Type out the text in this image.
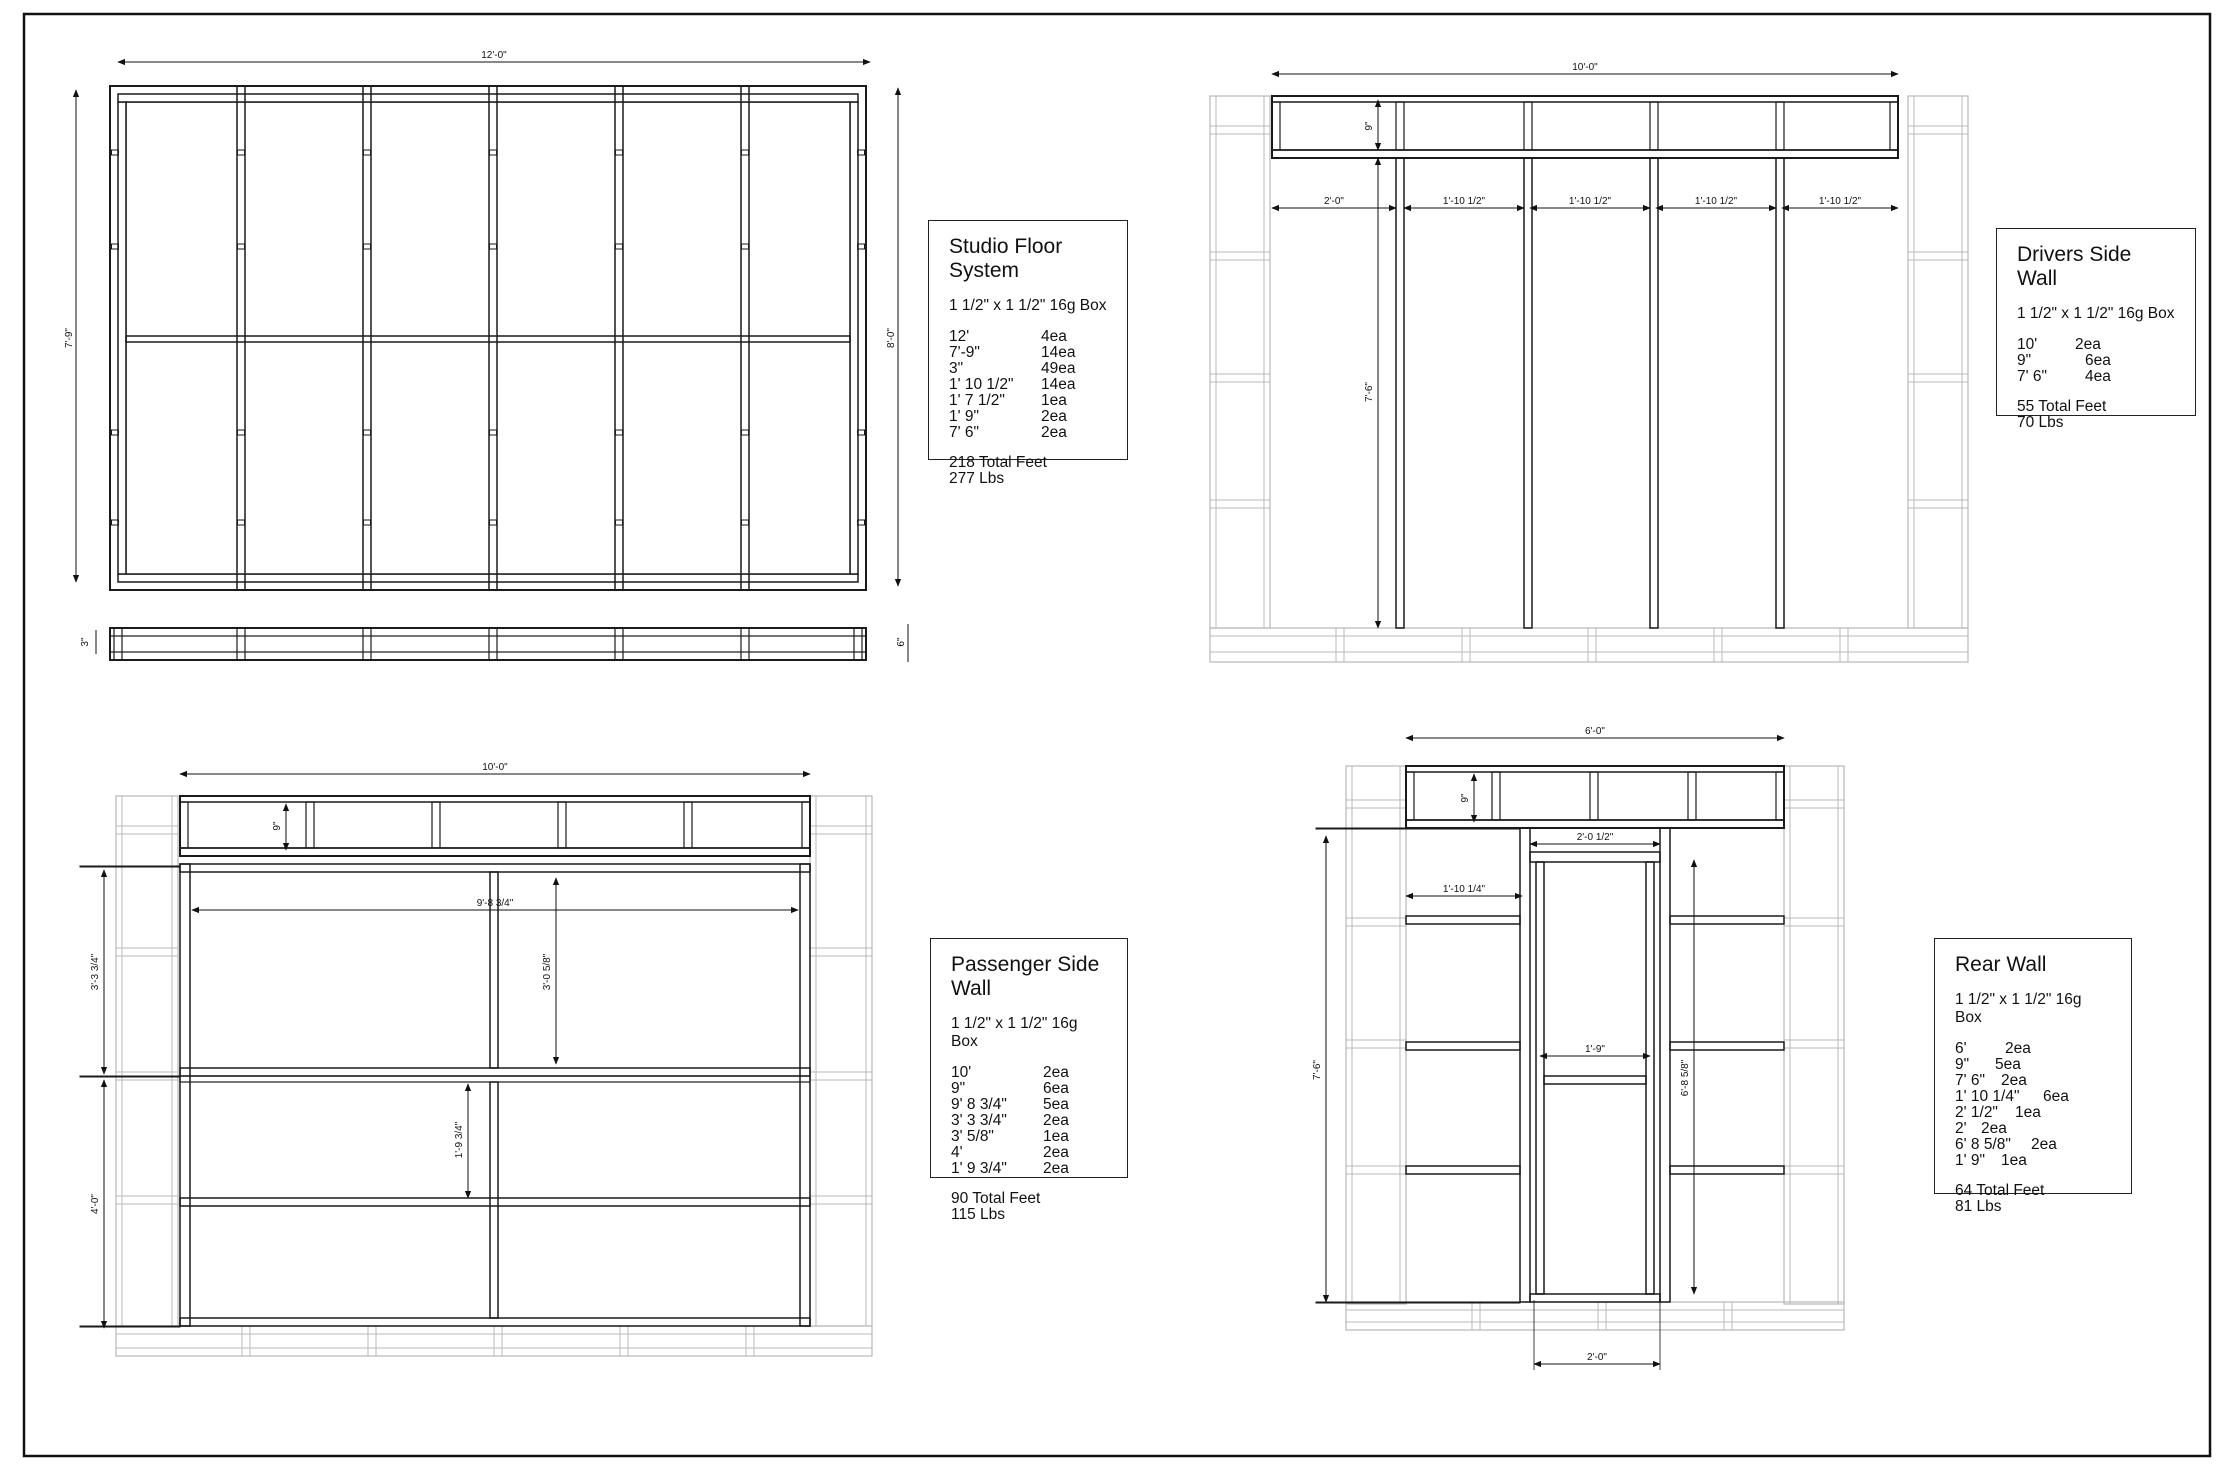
12'-0"
7'-9"	8'-0"
3"	6"
10'-0"
9"
7'-6"
2'-0"	1'-10 1/2"	1'-10 1/2"	1'-10 1/2"	1'-10 1/2"
10'-0"
9"
9'-8 3/4"
3'-0 5/8"
1'-9 3/4"
3'-3 3/4"
4'-0"
6'-0"
9"
2'-0 1/2"
1'-10 1/4"
1'-9"
7'-6"	6'-8 5/8"
2'-0"
Studio Floor System
1 1/2" x 1 1/2" 16g Box
12'	4ea
7'-9"	14ea
3"	49ea
1' 10 1/2"	14ea
1' 7 1/2"	1ea
1' 9"	2ea
7' 6"	2ea
218 Total Feet
277 Lbs
Drivers Side Wall
1 1/2" x 1 1/2" 16g Box
10'	2ea
9"	6ea
7' 6"	4ea
55 Total Feet
70 Lbs
Passenger Side Wall
1 1/2" x 1 1/2" 16g Box
10'	2ea
9"	6ea
9' 8 3/4"	5ea
3' 3 3/4"	2ea
3' 5/8"	1ea
4'	2ea
1' 9 3/4"	2ea
90 Total Feet
115 Lbs
Rear Wall
1 1/2" x 1 1/2" 16g Box
6'	2ea
9"	5ea
7' 6"	2ea
1' 10 1/4"	6ea
2' 1/2"	1ea
2' 2ea
6' 8 5/8"	2ea
1' 9"	1ea
64 Total Feet
81 Lbs
